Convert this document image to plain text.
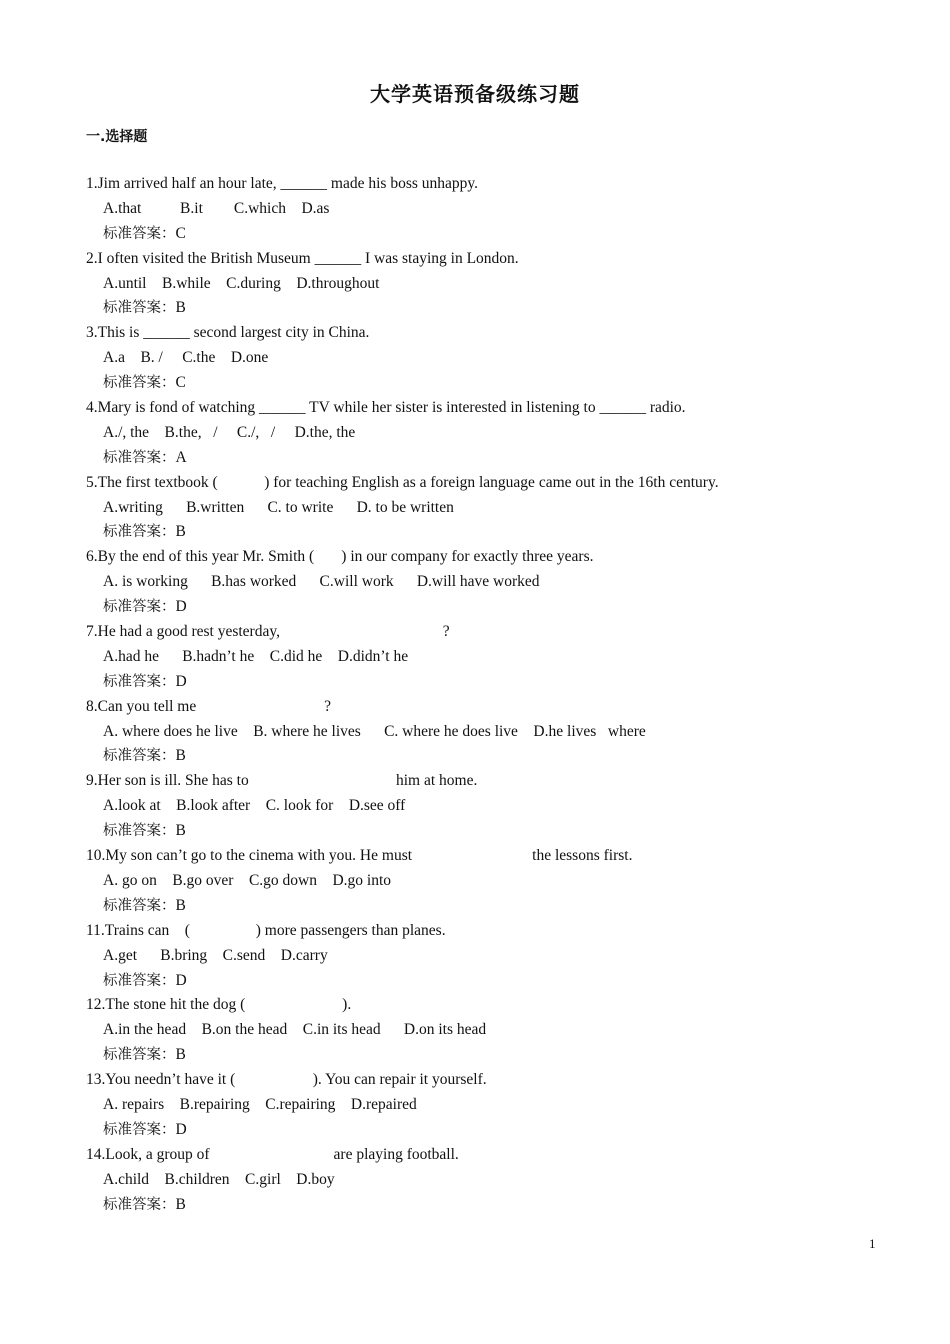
大学英语预备级练习题
一.选择题
1.Jim arrived half an hour late, ______ made his boss unhappy.
A.that          B.it        C.which    D.as
标准答案：C
2.I often visited the British Museum ______ I was staying in London.
A.until    B.while    C.during    D.throughout
标准答案：B
3.This is ______ second largest city in China.
A.a    B. /     C.the    D.one
标准答案：C
4.Mary is fond of watching ______ TV while her sister is interested in listening to ______ radio.
A./, the    B.the,   /     C./,   /     D.the, the
标准答案：A
5.The first textbook (            ) for teaching English as a foreign language came out in the 16th century.
A.writing      B.written      C. to write      D. to be written
标准答案：B
6.By the end of this year Mr. Smith (       ) in our company for exactly three years.
A. is working      B.has worked      C.will work      D.will have worked
标准答案：D
7.He had a good rest yesterday,                                          ?
A.had he      B.hadn’t he    C.did he    D.didn’t he
标准答案：D
8.Can you tell me                                 ?
A. where does he live    B. where he lives      C. where he does live    D.he lives   where
标准答案：B
9.Her son is ill. She has to                                      him at home.
A.look at    B.look after    C. look for    D.see off
标准答案：B
10.My son can’t go to the cinema with you. He must                               the lessons first.
A. go on    B.go over    C.go down    D.go into
标准答案：B
11.Trains can    (                 ) more passengers than planes.
A.get      B.bring    C.send    D.carry
标准答案：D
12.The stone hit the dog (                         ).
A.in the head    B.on the head    C.in its head      D.on its head
标准答案：B
13.You needn’t have it (                    ). You can repair it yourself.
A. repairs    B.repairing    C.repairing    D.repaired
标准答案：D
14.Look, a group of                                are playing football.
A.child    B.children    C.girl    D.boy
标准答案：B
1
